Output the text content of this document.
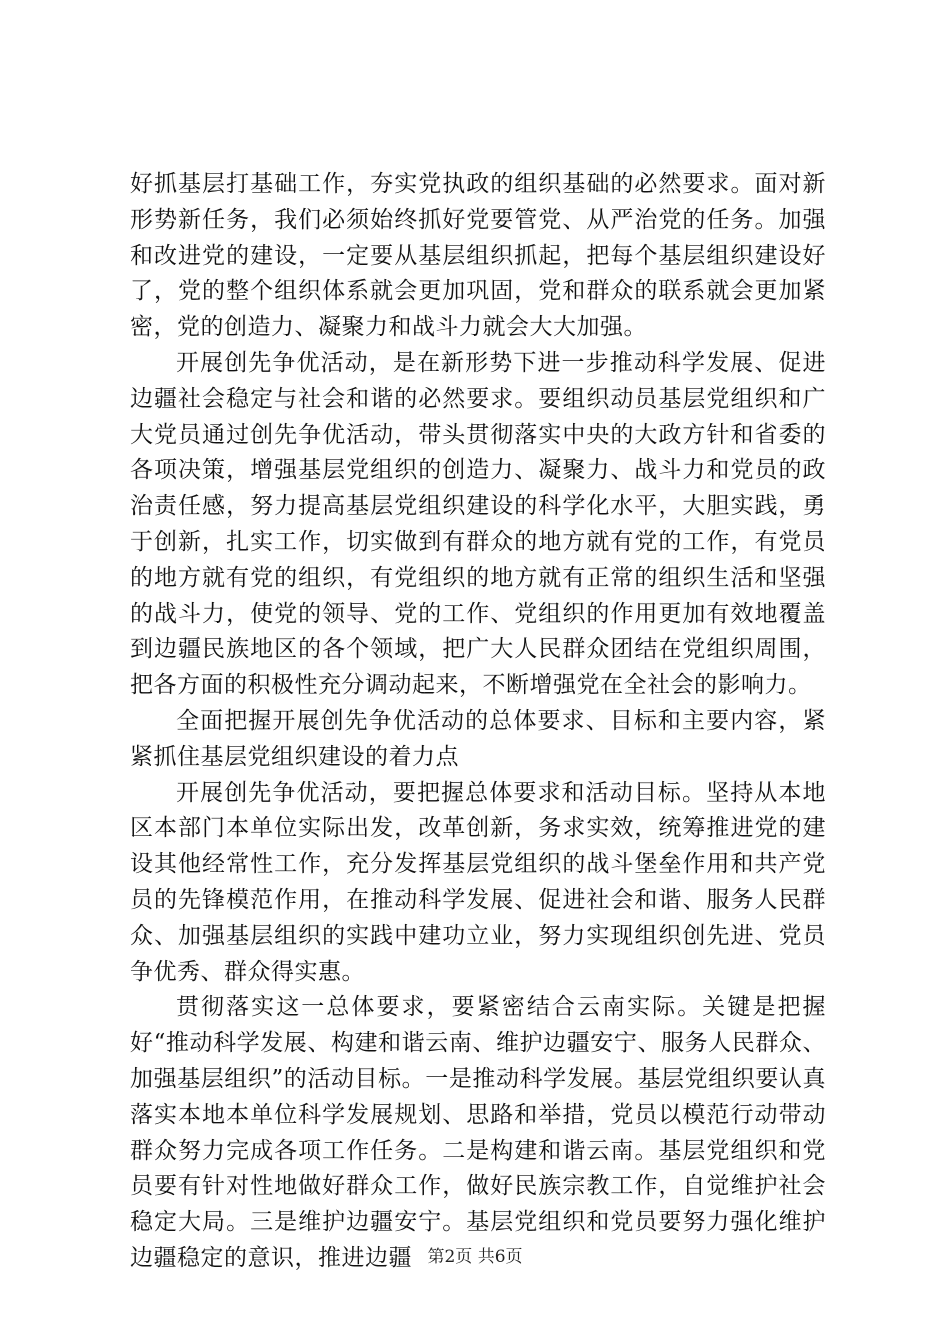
好抓基层打基础工作，夯实党执政的组织基础的必然要求。面对新形势新任务，我们必须始终抓好党要管党、从严治党的任务。加强和改进党的建设，一定要从基层组织抓起，把每个基层组织建设好了，党的整个组织体系就会更加巩固，党和群众的联系就会更加紧密，党的创造力、凝聚力和战斗力就会大大加强。

开展创先争优活动，是在新形势下进一步推动科学发展、促进边疆社会稳定与社会和谐的必然要求。要组织动员基层党组织和广大党员通过创先争优活动，带头贯彻落实中央的大政方针和省委的各项决策，增强基层党组织的创造力、凝聚力、战斗力和党员的政治责任感，努力提高基层党组织建设的科学化水平，大胆实践，勇于创新，扎实工作，切实做到有群众的地方就有党的工作，有党员的地方就有党的组织，有党组织的地方就有正常的组织生活和坚强的战斗力，使党的领导、党的工作、党组织的作用更加有效地覆盖到边疆民族地区的各个领域，把广大人民群众团结在党组织周围，把各方面的积极性充分调动起来，不断增强党在全社会的影响力。

全面把握开展创先争优活动的总体要求、目标和主要内容，紧紧抓住基层党组织建设的着力点

开展创先争优活动，要把握总体要求和活动目标。坚持从本地区本部门本单位实际出发，改革创新，务求实效，统筹推进党的建设其他经常性工作，充分发挥基层党组织的战斗堡垒作用和共产党员的先锋模范作用，在推动科学发展、促进社会和谐、服务人民群众、加强基层组织的实践中建功立业，努力实现组织创先进、党员争优秀、群众得实惠。

贯彻落实这一总体要求，要紧密结合云南实际。关键是把握好“推动科学发展、构建和谐云南、维护边疆安宁、服务人民群众、加强基层组织”的活动目标。一是推动科学发展。基层党组织要认真落实本地本单位科学发展规划、思路和举措，党员以模范行动带动群众努力完成各项工作任务。二是构建和谐云南。基层党组织和党员要有针对性地做好群众工作，做好民族宗教工作，自觉维护社会稳定大局。三是维护边疆安宁。基层党组织和党员要努力强化维护边疆稳定的意识，推进边疆 第2页 共6页
